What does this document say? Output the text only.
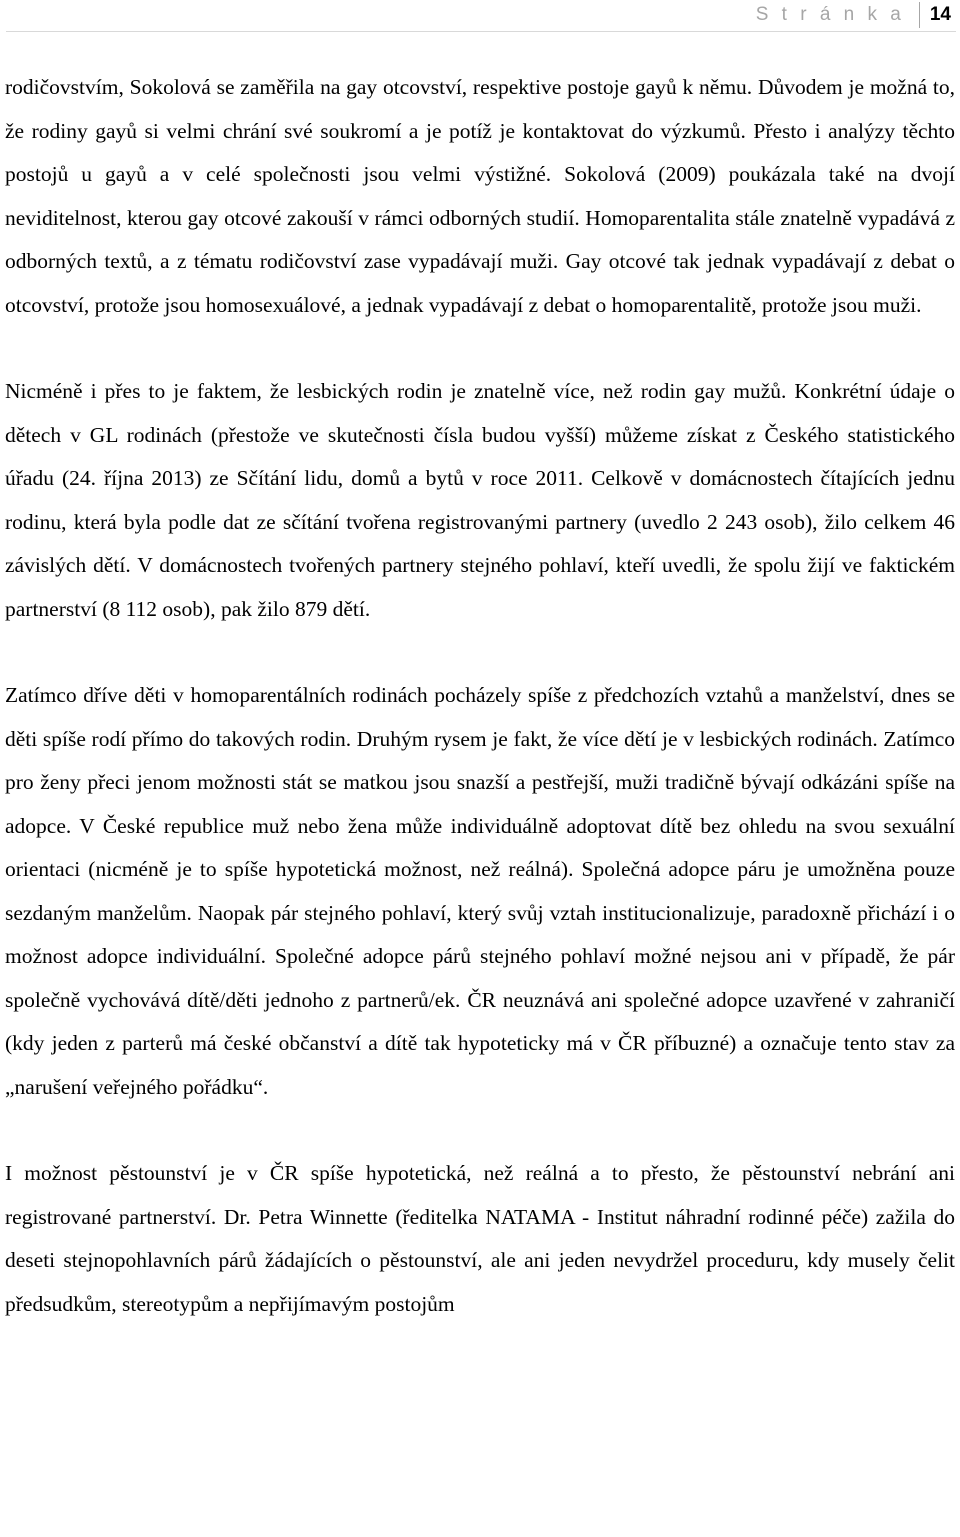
S t r á n k a 14

rodičovstvím, Sokolová se zaměřila na gay otcovství, respektive postoje gayů k němu. Důvodem je možná to, že rodiny gayů si velmi chrání své soukromí a je potíž je kontaktovat do výzkumů. Přesto i analýzy těchto postojů u gayů a v celé společnosti jsou velmi výstižné. Sokolová (2009) poukázala také na dvojí neviditelnost, kterou gay otcové zakouší v rámci odborných studií. Homoparentalita stále znatelně vypadává z odborných textů, a z tématu rodičovství zase vypadávají muži. Gay otcové tak jednak vypadávají z debat o otcovství, protože jsou homosexuálové, a jednak vypadávají z debat o homoparentalitě, protože jsou muži.

Nicméně i přes to je faktem, že lesbických rodin je znatelně více, než rodin gay mužů. Konkrétní údaje o dětech v GL rodinách (přestože ve skutečnosti čísla budou vyšší) můžeme získat z Českého statistického úřadu (24. října 2013) ze Sčítání lidu, domů a bytů v roce 2011. Celkově v domácnostech čítajících jednu rodinu, která byla podle dat ze sčítání tvořena registrovanými partnery (uvedlo 2 243 osob), žilo celkem 46 závislých dětí. V domácnostech tvořených partnery stejného pohlaví, kteří uvedli, že spolu žijí ve faktickém partnerství (8 112 osob), pak žilo 879 dětí.

Zatímco dříve děti v homoparentálních rodinách pocházely spíše z předchozích vztahů a manželství, dnes se děti spíše rodí přímo do takových rodin. Druhým rysem je fakt, že více dětí je v lesbických rodinách. Zatímco pro ženy přeci jenom možnosti stát se matkou jsou snazší a pestřejší, muži tradičně bývají odkázáni spíše na adopce. V České republice muž nebo žena může individuálně adoptovat dítě bez ohledu na svou sexuální orientaci (nicméně je to spíše hypotetická možnost, než reálná). Společná adopce páru je umožněna pouze sezdaným manželům. Naopak pár stejného pohlaví, který svůj vztah institucionalizuje, paradoxně přichází i o možnost adopce individuální. Společné adopce párů stejného pohlaví možné nejsou ani v případě, že pár společně vychovává dítě/děti jednoho z partnerů/ek. ČR neuznává ani společné adopce uzavřené v zahraničí (kdy jeden z parterů má české občanství a dítě tak hypoteticky má v ČR příbuzné) a označuje tento stav za „narušení veřejného pořádku“.

I možnost pěstounství je v ČR spíše hypotetická, než reálná a to přesto, že pěstounství nebrání ani registrované partnerství. Dr. Petra Winnette (ředitelka NATAMA - Institut náhradní rodinné péče) zažila do deseti stejnopohlavních párů žádajících o pěstounství, ale ani jeden nevydržel proceduru, kdy musely čelit předsudkům, stereotypům a nepřijímavým postojům
